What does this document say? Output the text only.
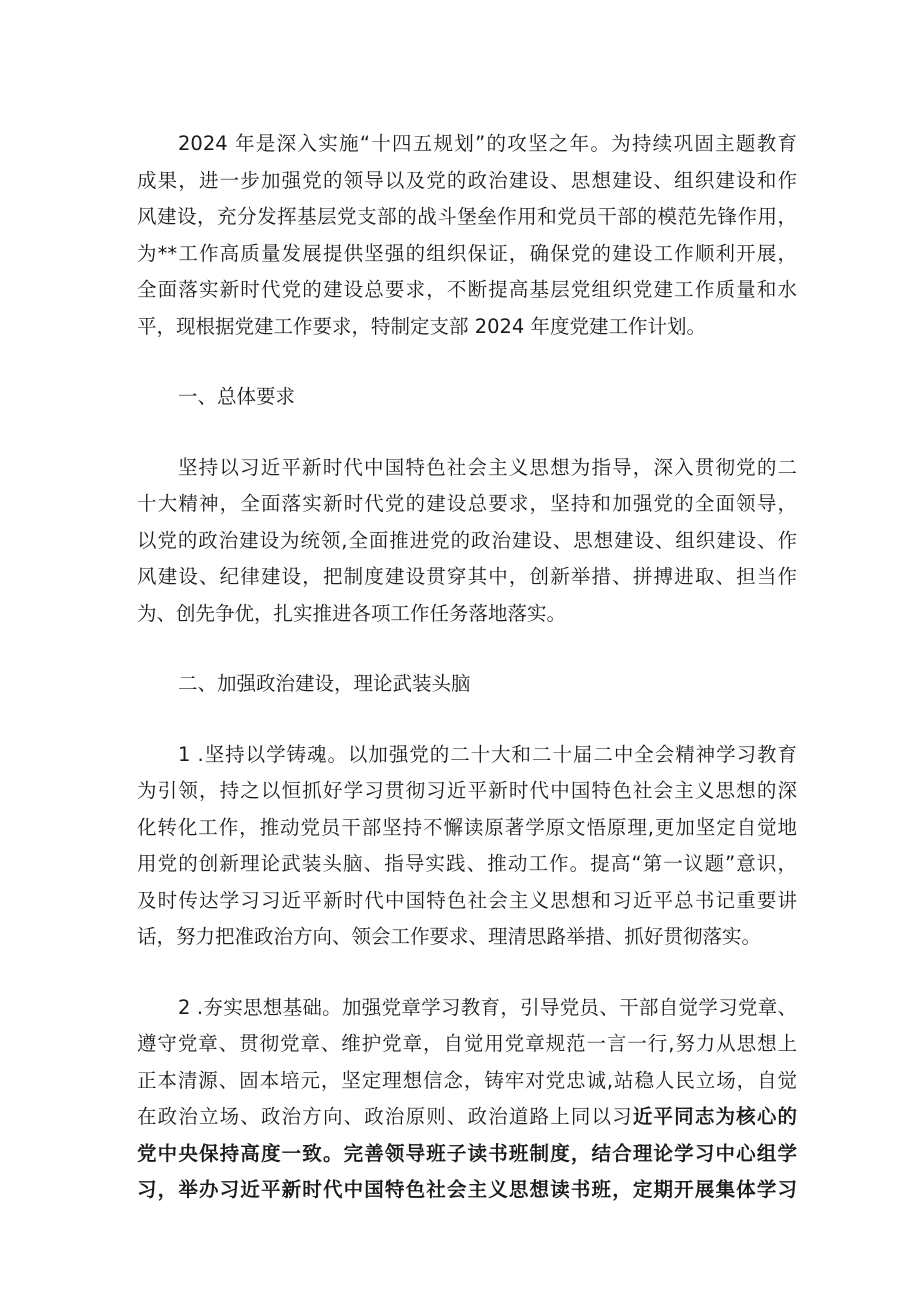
2024 年是深入实施“十四五规划”的攻坚之年。为持续巩固主题教育
成果，进一步加强党的领导以及党的政治建设、思想建设、组织建设和作
风建设，充分发挥基层党支部的战斗堡垒作用和党员干部的模范先锋作用，
为**工作高质量发展提供坚强的组织保证，确保党的建设工作顺利开展，
全面落实新时代党的建设总要求，不断提高基层党组织党建工作质量和水
平，现根据党建工作要求，特制定支部 2024 年度党建工作计划。
一、总体要求
坚持以习近平新时代中国特色社会主义思想为指导，深入贯彻党的二
十大精神，全面落实新时代党的建设总要求，坚持和加强党的全面领导，
以党的政治建设为统领,全面推进党的政治建设、思想建设、组织建设、作
风建设、纪律建设，把制度建设贯穿其中，创新举措、拼搏进取、担当作
为、创先争优，扎实推进各项工作任务落地落实。
二、加强政治建设，理论武装头脑
1 .坚持以学铸魂。以加强党的二十大和二十届二中全会精神学习教育
为引领，持之以恒抓好学习贯彻习近平新时代中国特色社会主义思想的深
化转化工作，推动党员干部坚持不懈读原著学原文悟原理,更加坚定自觉地
用党的创新理论武装头脑、指导实践、推动工作。提高“第一议题”意识，
及时传达学习习近平新时代中国特色社会主义思想和习近平总书记重要讲
话，努力把准政治方向、领会工作要求、理清思路举措、抓好贯彻落实。
2 .夯实思想基础。加强党章学习教育，引导党员、干部自觉学习党章、
遵守党章、贯彻党章、维护党章，自觉用党章规范一言一行,努力从思想上
正本清源、固本培元，坚定理想信念，铸牢对党忠诚,站稳人民立场，自觉
在政治立场、政治方向、政治原则、政治道路上同以习近平同志为核心的
党中央保持高度一致。完善领导班子读书班制度，结合理论学习中心组学
习，举办习近平新时代中国特色社会主义思想读书班，定期开展集体学习
